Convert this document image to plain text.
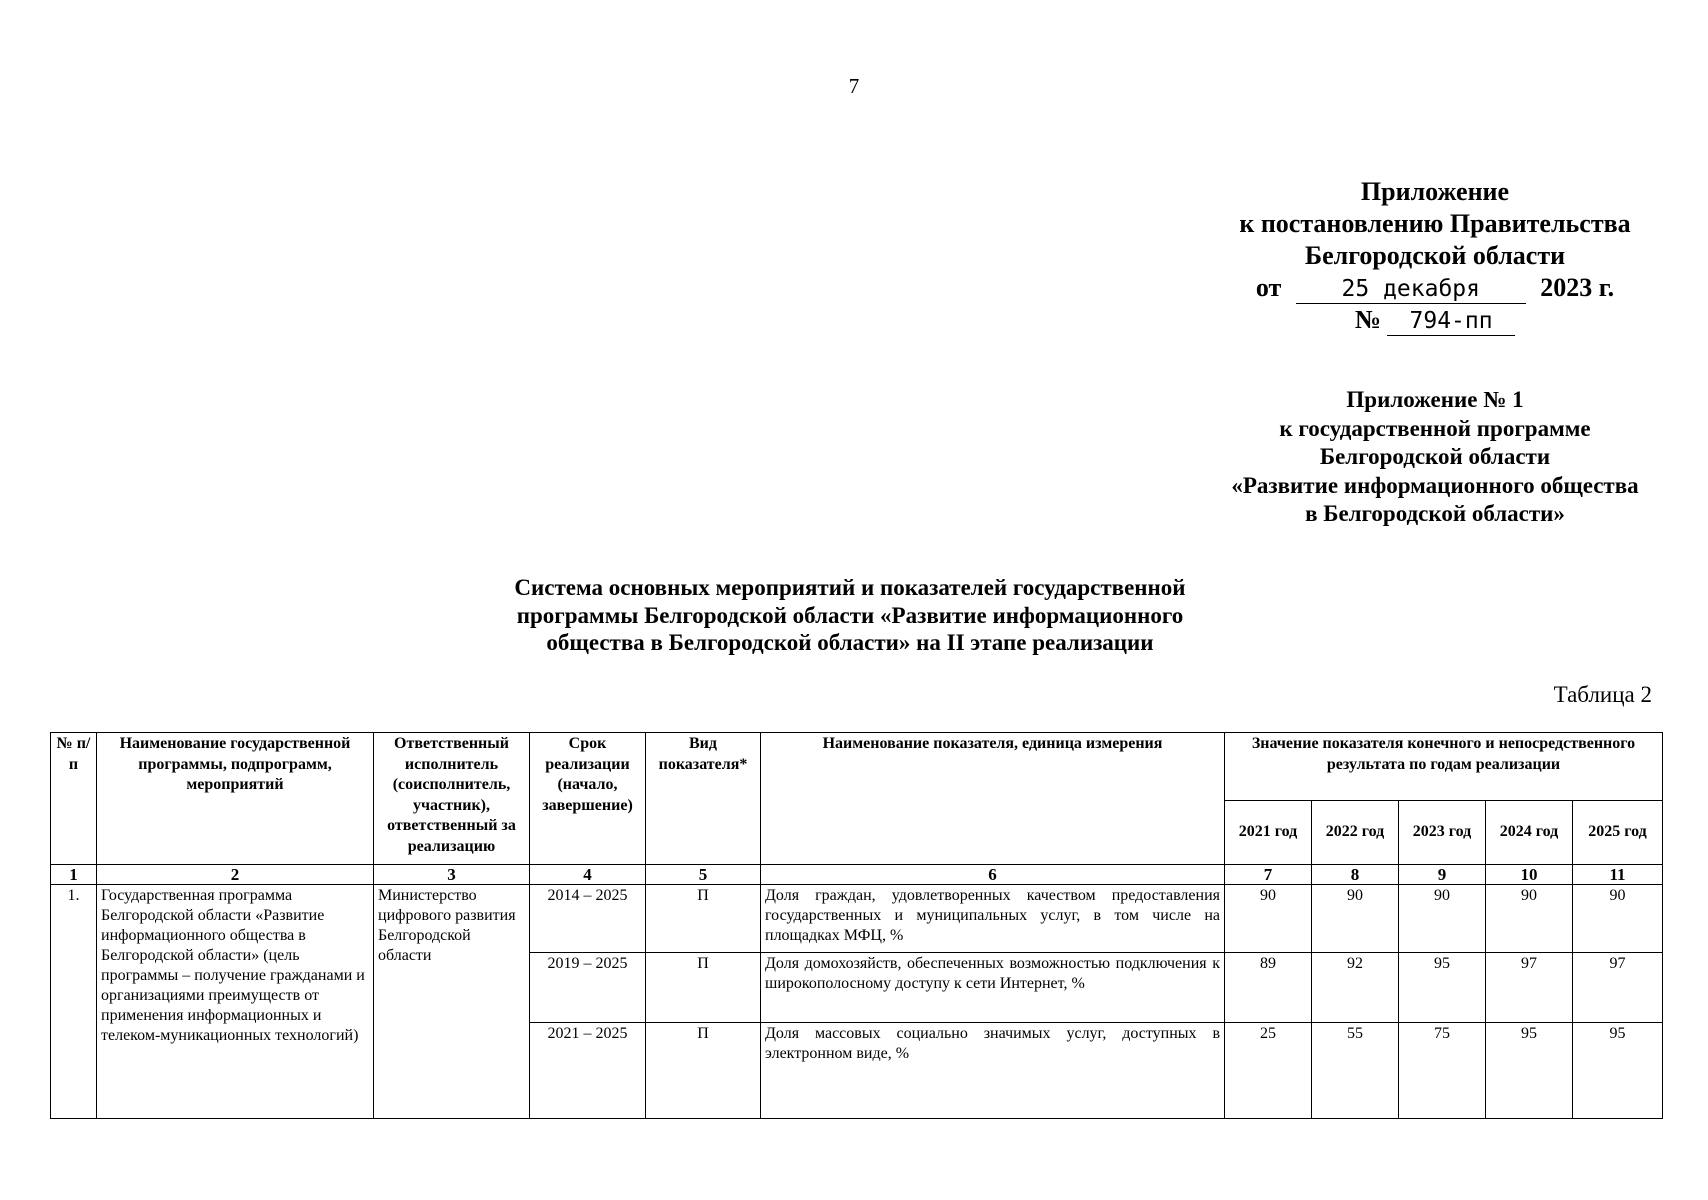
7
Приложение
к постановлению Правительства
Белгородской области
от	25 декабря 2023 г.
№ 794-пп
Приложение № 1
к государственной программе
Белгородской области
«Развитие информационного общества
в Белгородской области»
Система основных мероприятий и показателей государственной
программы Белгородской области «Развитие информационного
общества в Белгородской области» на II этапе реализации
Таблица 2
№ п/п	Наименование государственной программы, подпрограмм, мероприятий	Ответственный исполнитель (соисполнитель, участник), ответственный за реализацию	Срок реализации (начало, завершение)	Вид показателя*	Наименование показателя, единица измерения	Значение показателя конечного и непосредственного результата по годам реализации				
						2021 год	2022 год	2023 год	2024 год	2025 год
1	2	3	4	5	6	7	8	9	10	11
1.	Государственная программа Белгородской области «Развитие информационного общества в Белгородской области» (цель программы – получение гражданами и организациями преимуществ от применения информационных и телеком-муникационных технологий)	Министерство цифрового развития Белгородской области	2014 – 2025	П	Доля граждан, удовлетворенных качеством предоставления государственных и муниципальных услуг, в том числе на площадках МФЦ, %	90	90	90	90	90
			2019 – 2025	П	Доля домохозяйств, обеспеченных возможностью подключения к широкополосному доступу к сети Интернет, %	89	92	95	97	97
			2021 – 2025	П	Доля массовых социально значимых услуг, доступных в электронном виде, %	25	55	75	95	95
